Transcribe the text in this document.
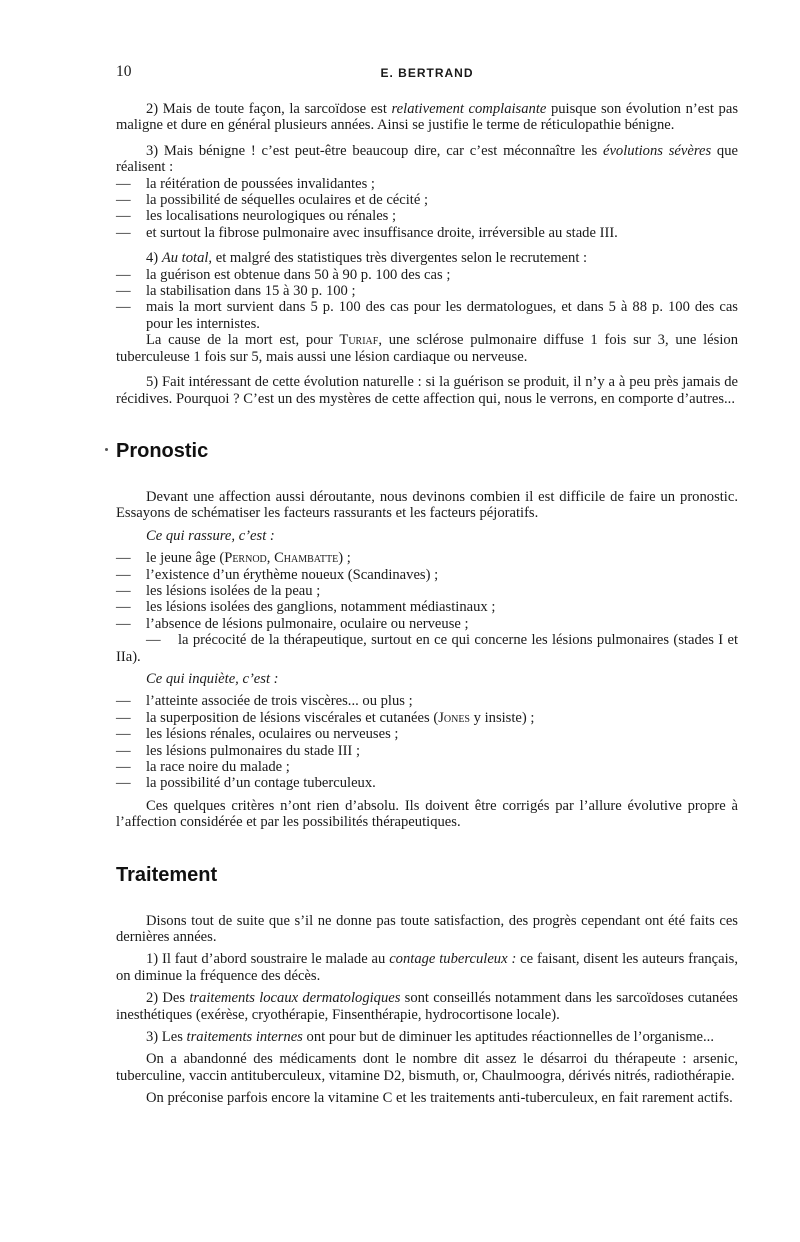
10	E. BERTRAND

2) Mais de toute façon, la sarcoïdose est relativement complaisante puisque son évolution n’est pas maligne et dure en général plusieurs années. Ainsi se justifie le terme de réticulopathie bénigne.

3) Mais bénigne ! c’est peut-être beaucoup dire, car c’est méconnaître les évolutions sévères que réalisent :

— la réitération de poussées invalidantes ;

— la possibilité de séquelles oculaires et de cécité ;

— les localisations neurologiques ou rénales ;

— et surtout la fibrose pulmonaire avec insuffisance droite, irréversible au stade III.

4) Au total, et malgré des statistiques très divergentes selon le recrutement :

— la guérison est obtenue dans 50 à 90 p. 100 des cas ;

— la stabilisation dans 15 à 30 p. 100 ;

— mais la mort survient dans 5 p. 100 des cas pour les dermatologues, et dans 5 à 88 p. 100 des cas pour les internistes.

La cause de la mort est, pour Turiaf, une sclérose pulmonaire diffuse 1 fois sur 3, une lésion tuberculeuse 1 fois sur 5, mais aussi une lésion cardiaque ou nerveuse.

5) Fait intéressant de cette évolution naturelle : si la guérison se produit, il n’y a à peu près jamais de récidives. Pourquoi ? C’est un des mystères de cette affection qui, nous le verrons, en comporte d’autres...

Pronostic

Devant une affection aussi déroutante, nous devinons combien il est difficile de faire un pronostic. Essayons de schématiser les facteurs rassurants et les facteurs péjoratifs.

Ce qui rassure, c’est :

— le jeune âge (Pernod, Chambatte) ;

— l’existence d’un érythème noueux (Scandinaves) ;

— les lésions isolées de la peau ;

— les lésions isolées des ganglions, notamment médiastinaux ;

— l’absence de lésions pulmonaire, oculaire ou nerveuse ;

—    la précocité de la thérapeutique, surtout en ce qui concerne les lésions pulmonaires (stades I et IIa).

Ce qui inquiète, c’est :

— l’atteinte associée de trois viscères... ou plus ;

— la superposition de lésions viscérales et cutanées (Jones y insiste) ;

— les lésions rénales, oculaires ou nerveuses ;

— les lésions pulmonaires du stade III ;

— la race noire du malade ;

— la possibilité d’un contage tuberculeux.

Ces quelques critères n’ont rien d’absolu. Ils doivent être corrigés par l’allure évolutive propre à l’affection considérée et par les possibilités thérapeutiques.

Traitement

Disons tout de suite que s’il ne donne pas toute satisfaction, des progrès cependant ont été faits ces dernières années.

1) Il faut d’abord soustraire le malade au contage tuberculeux : ce faisant, disent les auteurs français, on diminue la fréquence des décès.

2) Des traitements locaux dermatologiques sont conseillés notamment dans les sarcoïdoses cutanées inesthétiques (exérèse, cryothérapie, Finsenthérapie, hydrocortisone locale).

3) Les traitements internes ont pour but de diminuer les aptitudes réactionnelles de l’organisme...

On a abandonné des médicaments dont le nombre dit assez le désarroi du thérapeute : arsenic, tuberculine, vaccin antituberculeux, vitamine D2, bismuth, or, Chaulmoogra, dérivés nitrés, radiothérapie.

On préconise parfois encore la vitamine C et les traitements anti-tuberculeux, en fait rarement actifs.
